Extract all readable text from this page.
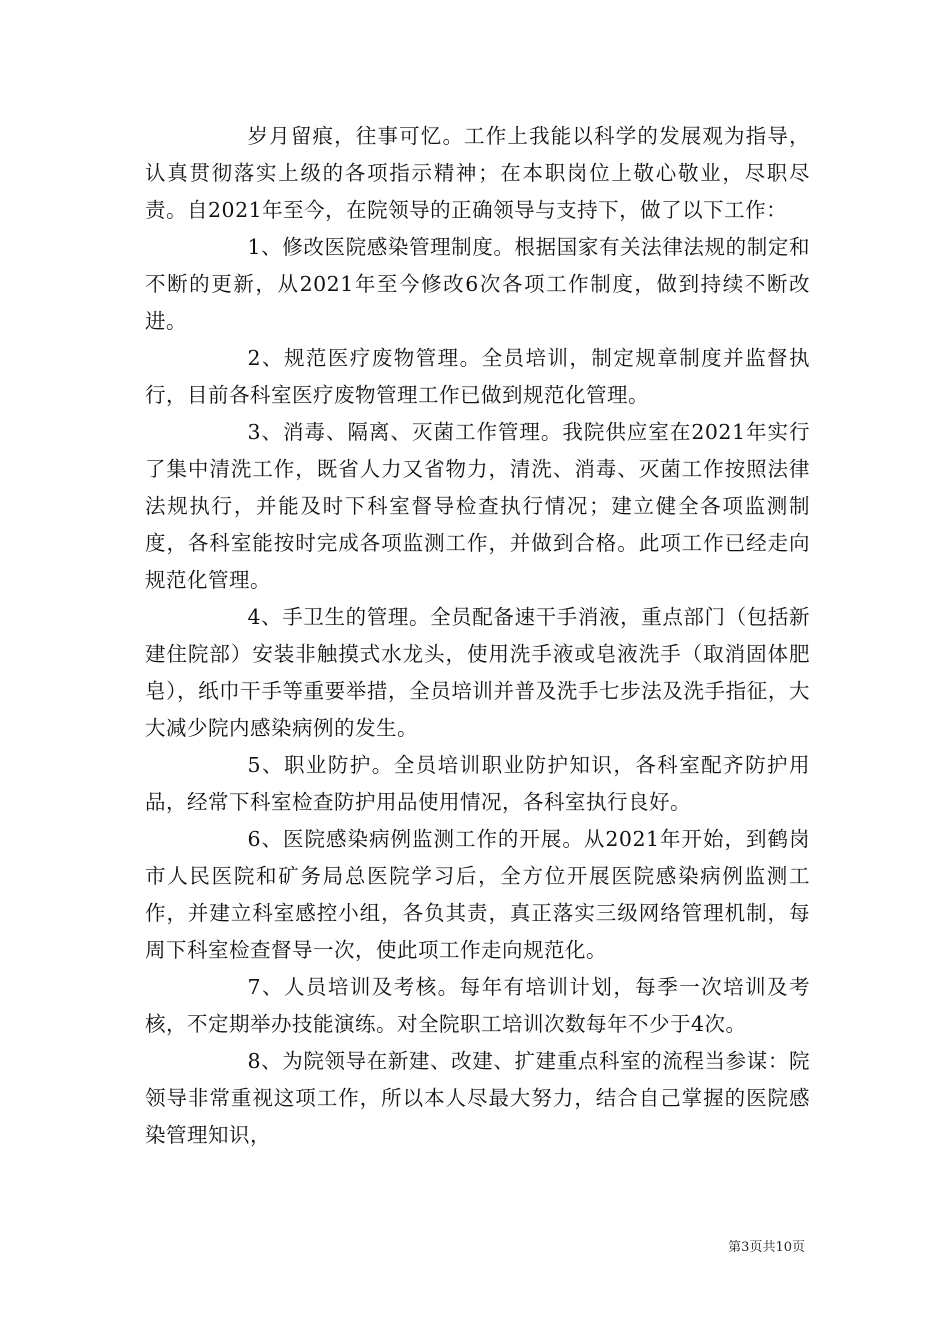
岁月留痕，往事可忆。工作上我能以科学的发展观为指导，认真贯彻落实上级的各项指示精神；在本职岗位上敬心敬业，尽职尽责。自2021年至今，在院领导的正确领导与支持下，做了以下工作：

1、修改医院感染管理制度。根据国家有关法律法规的制定和不断的更新，从2021年至今修改6次各项工作制度，做到持续不断改进。

2、规范医疗废物管理。全员培训，制定规章制度并监督执行，目前各科室医疗废物管理工作已做到规范化管理。

3、消毒、隔离、灭菌工作管理。我院供应室在2021年实行了集中清洗工作，既省人力又省物力，清洗、消毒、灭菌工作按照法律法规执行，并能及时下科室督导检查执行情况；建立健全各项监测制度，各科室能按时完成各项监测工作，并做到合格。此项工作已经走向规范化管理。

4、手卫生的管理。全员配备速干手消液，重点部门（包括新建住院部）安装非触摸式水龙头，使用洗手液或皂液洗手（取消固体肥皂），纸巾干手等重要举措，全员培训并普及洗手七步法及洗手指征，大大减少院内感染病例的发生。

5、职业防护。全员培训职业防护知识，各科室配齐防护用品，经常下科室检查防护用品使用情况，各科室执行良好。

6、医院感染病例监测工作的开展。从2021年开始，到鹤岗市人民医院和矿务局总医院学习后，全方位开展医院感染病例监测工作，并建立科室感控小组，各负其责，真正落实三级网络管理机制，每周下科室检查督导一次，使此项工作走向规范化。

7、人员培训及考核。每年有培训计划，每季一次培训及考核，不定期举办技能演练。对全院职工培训次数每年不少于4次。

8、为院领导在新建、改建、扩建重点科室的流程当参谋：院领导非常重视这项工作，所以本人尽最大努力，结合自己掌握的医院感染管理知识，

第3页共10页
